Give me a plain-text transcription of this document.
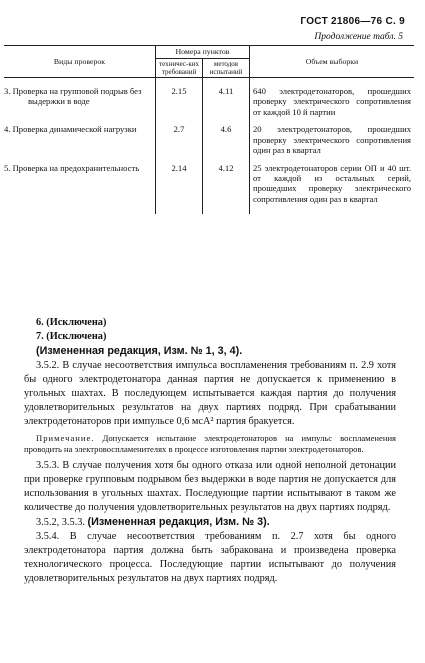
ГОСТ 21806—76 С. 9
Продолжение табл. 5
Виды проверок	Номера пунктов		Объем выборки
	техничес-ких требований	методов испытаний	
3. Проверка на групповой подрыв без выдержки в воде	2.15	4.11	640 электродетонаторов, прошедших проверку электрического сопротивления от каждой 10 й партии
4. Проверка динамической нагрузки	2.7	4.6	20 электродетонаторов, прошедших проверку электрического сопротивления один раз в квартал
5. Проверка на предохранительность	2.14	4.12	25 электродетонаторов серии ОП и 40 шт. от каждой из остальных серий, прошедших проверку электрического сопротивления один раз в квартал

6. (Исключена)

7. (Исключена)

(Измененная редакция, Изм. № 1, 3, 4).

3.5.2. В случае несоответствия импульса воспламенения требованиям п. 2.9 хотя бы одного электродетонатора данная партия не допускается к применению в угольных шахтах. В последующем испытывается каждая партия до получения удовлетворительных результатов на двух партиях подряд. При срабатывании электродетонаторов при импульсе 0,6 мсА² партия бракуется.

Примечание. Допускается испытание электродетонаторов на импульс воспламенения проводить на электровоспламенителях в процессе изготовления партии электродетонаторов.

3.5.3. В случае получения хотя бы одного отказа или одной неполной детонации при проверке групповым подрывом без выдержки в воде партия не допускается для использования в угольных шахтах. Последующие партии испытывают в таком же количестве до получения удовлетворительных результатов на двух партиях подряд.

3.5.2, 3.5.3. (Измененная редакция, Изм. № 3).

3.5.4. В случае несоответствия требованиям п. 2.7 хотя бы одного электродетонатора партия должна быть забракована и произведена проверка технологического процесса. Последующие партии испытывают до получения удовлетворительных результатов на двух партиях подряд.
